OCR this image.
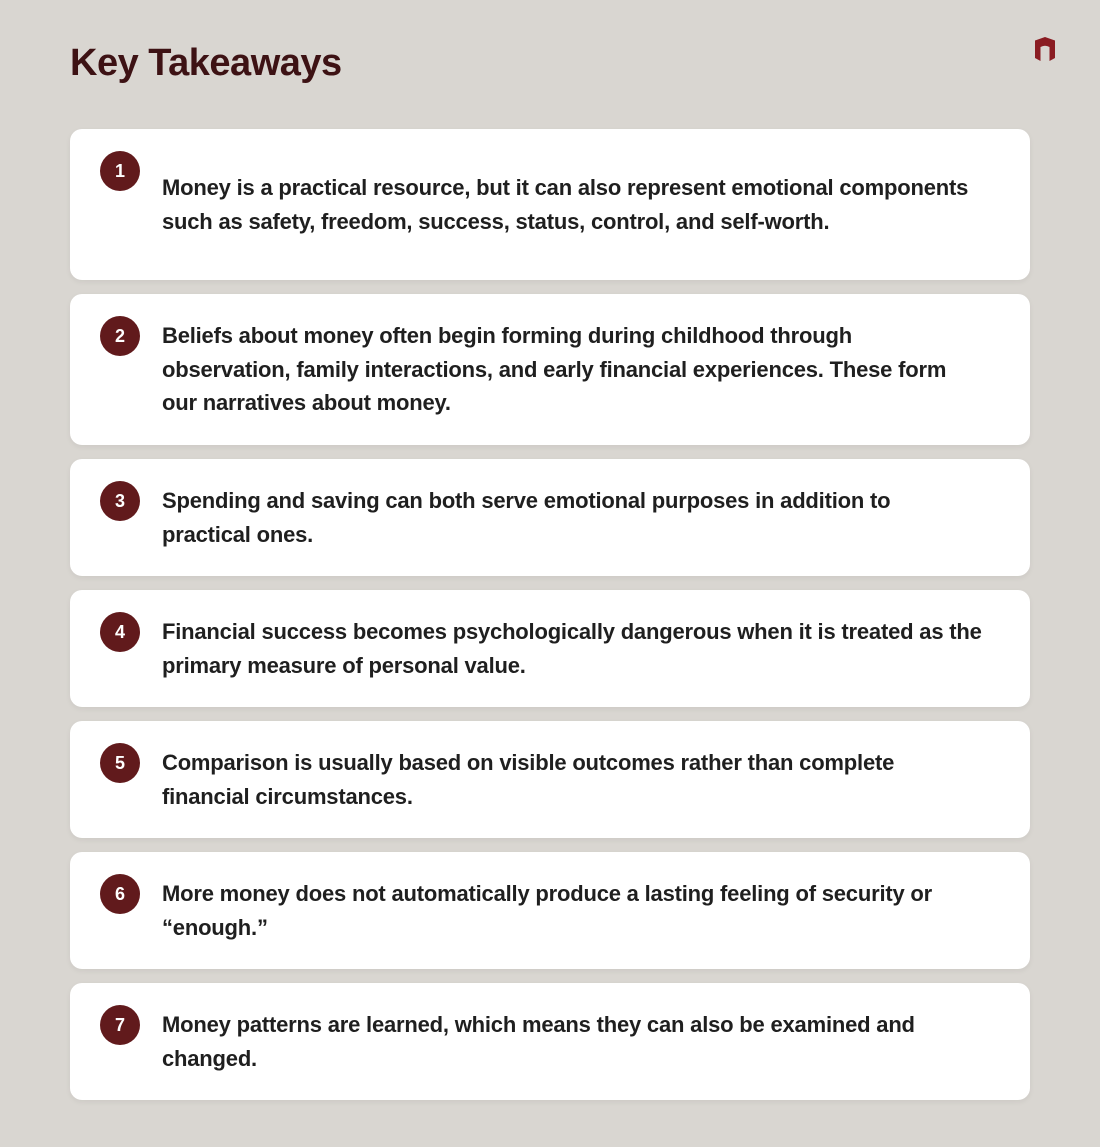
Key Takeaways
1

Money is a practical resource, but it can also represent emotional components such as safety, freedom, success, status, control, and self-worth.

2	Beliefs about money often begin forming during childhood through observation, family interactions, and early financial experiences. These form our narratives about money.

3	Spending and saving can both serve emotional purposes in addition to practical ones.

4	Financial success becomes psychologically dangerous when it is treated as the primary measure of personal value.

5	Comparison is usually based on visible outcomes rather than complete financial circumstances.

6	More money does not automatically produce a lasting feeling of security or “enough.”

7	Money patterns are learned, which means they can also be examined and changed.
